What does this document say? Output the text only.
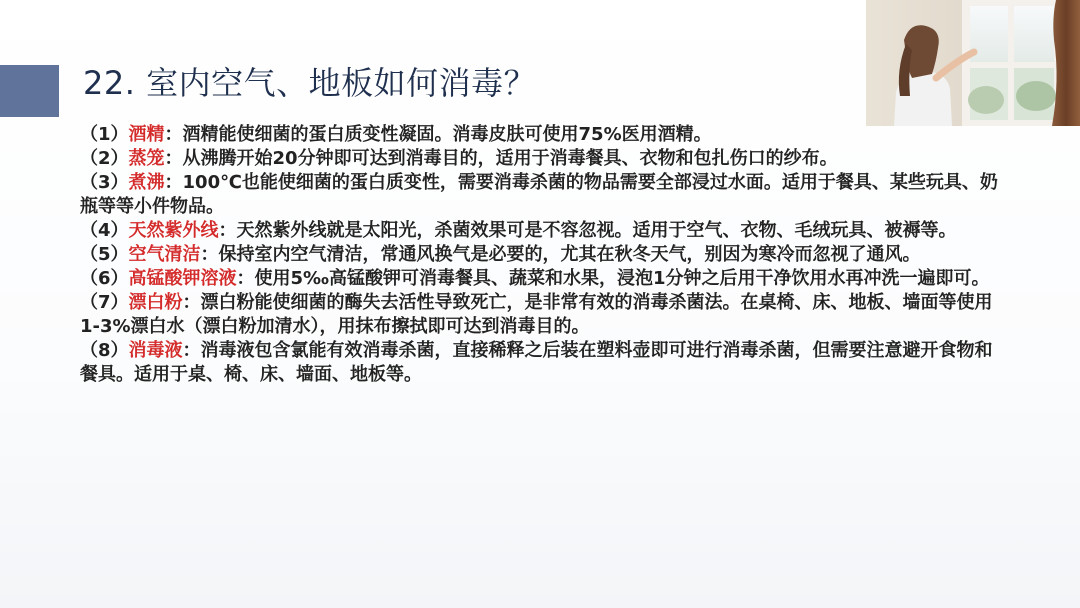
22. 室内空气、地板如何消毒？

（1）酒精：酒精能使细菌的蛋白质变性凝固。消毒皮肤可使用75%医用酒精。

（2）蒸笼：从沸腾开始20分钟即可达到消毒目的，适用于消毒餐具、衣物和包扎伤口的纱布。

（3）煮沸：100℃也能使细菌的蛋白质变性，需要消毒杀菌的物品需要全部浸过水面。适用于餐具、某些玩具、奶瓶等等小件物品。

（4）天然紫外线：天然紫外线就是太阳光，杀菌效果可是不容忽视。适用于空气、衣物、毛绒玩具、被褥等。

（5）空气清洁：保持室内空气清洁，常通风换气是必要的，尤其在秋冬天气，别因为寒冷而忽视了通风。

（6）高锰酸钾溶液：使用5‰高锰酸钾可消毒餐具、蔬菜和水果，浸泡1分钟之后用干净饮用水再冲洗一遍即可。

（7）漂白粉：漂白粉能使细菌的酶失去活性导致死亡，是非常有效的消毒杀菌法。在桌椅、床、地板、墙面等使用1-3%漂白水（漂白粉加清水），用抹布擦拭即可达到消毒目的。

（8）消毒液：消毒液包含氯能有效消毒杀菌，直接稀释之后装在塑料壶即可进行消毒杀菌，但需要注意避开食物和餐具。适用于桌、椅、床、墙面、地板等。
